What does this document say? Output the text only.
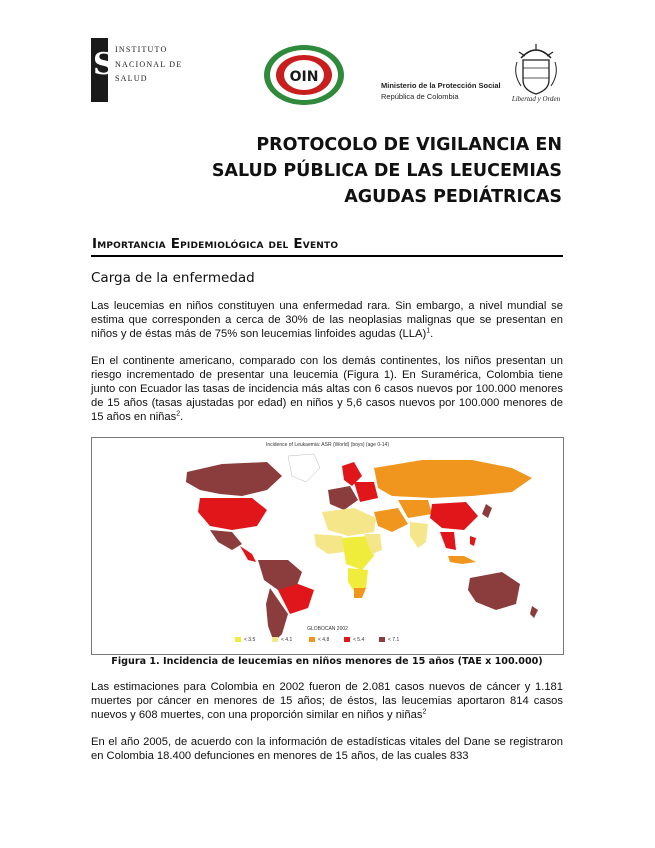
S INSTITUTO
NACIONAL DE
SALUD	OIN
Ministerio de la Protección Social
República de Colombia	Libertad y Orden
PROTOCOLO DE VIGILANCIA EN
SALUD PÚBLICA DE LAS LEUCEMIAS
AGUDAS PEDIÁTRICAS
Importancia Epidemiológica del Evento
Carga de la enfermedad
Las leucemias en niños constituyen una enfermedad rara. Sin embargo, a nivel mundial se estima que corresponden a cerca de 30% de las neoplasias malignas que se presentan en niños y de éstas más de 75% son leucemias linfoides agudas (LLA)$^1$.
En el continente americano, comparado con los demás continentes, los niños presentan un riesgo incrementado de presentar una leucemia (Figura 1). En Suramérica, Colombia tiene junto con Ecuador las tasas de incidencia más altas con 6 casos nuevos por 100.000 menores de 15 años (tasas ajustadas por edad) en niños y 5,6 casos nuevos por 100.000 menores de 15 años en niñas$^2$.
Incidence of Leukaemia: ASR (World) (boys) (age 0-14)
GLOBOCAN 2002
< 3.5	< 4.1	< 4.8	< 5.4	< 7.1
Figura 1. Incidencia de leucemias en niños menores de 15 años (TAE x 100.000)
Las estimaciones para Colombia en 2002 fueron de 2.081 casos nuevos de cáncer y 1.181 muertes por cáncer en menores de 15 años; de éstos, las leucemias aportaron 814 casos nuevos y 608 muertes, con una proporción similar en niños y niñas$^2$
En el año 2005, de acuerdo con la información de estadísticas vitales del Dane se registraron en Colombia 18.400 defunciones en menores de 15 años, de las cuales 833
